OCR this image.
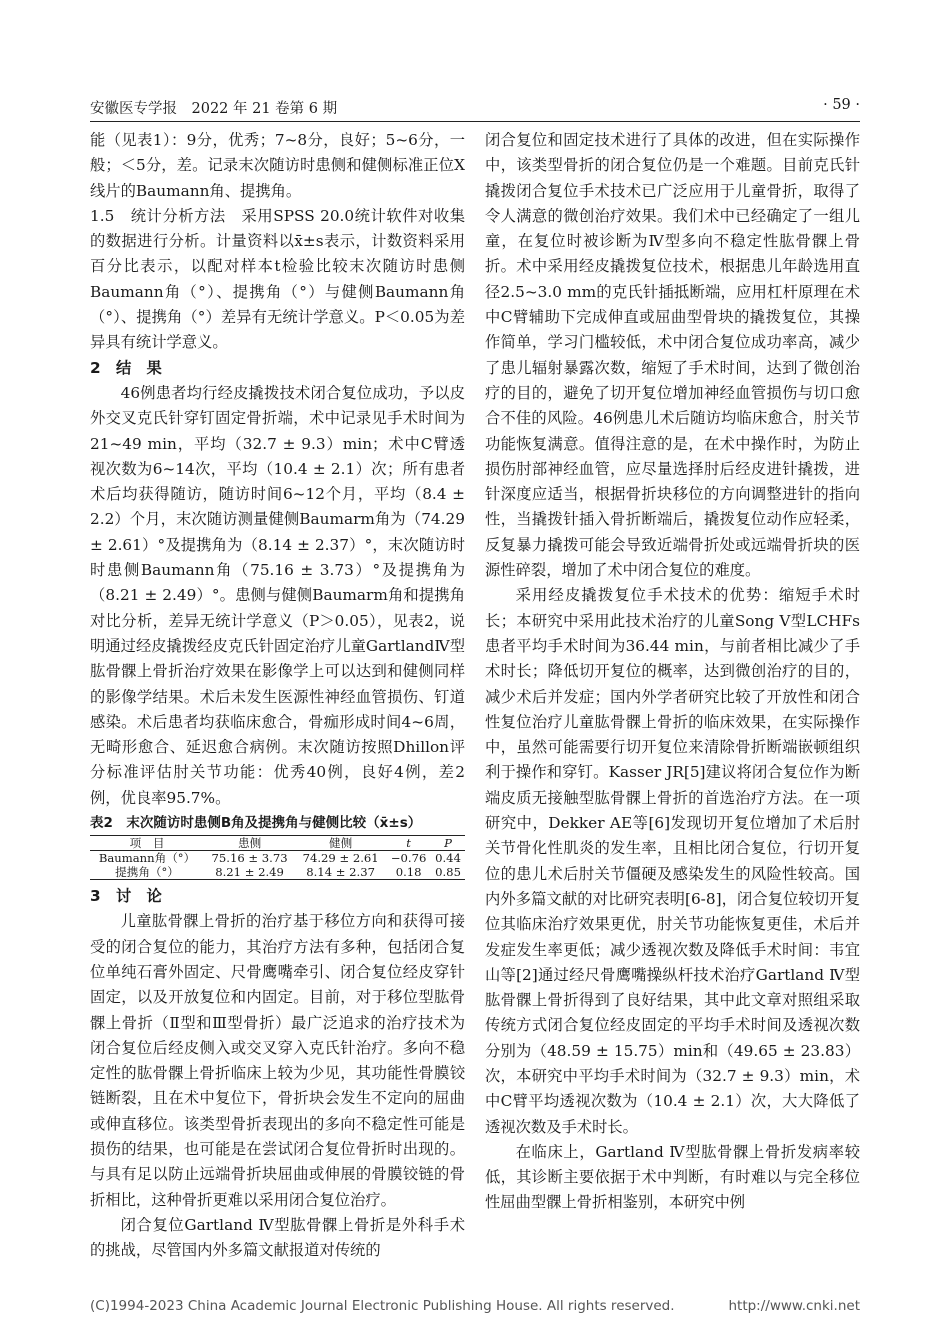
安徽医专学报　2022 年 21 卷第 6 期	· 59 ·

能（见表1）：9分，优秀；7~8分，良好；5~6分，一般；＜5分，差。记录末次随访时患侧和健侧标准正位X线片的Baumann角、提携角。

1.5　统计分析方法　采用SPSS 20.0统计软件对收集的数据进行分析。计量资料以x̄±s表示，计数资料采用百分比表示，以配对样本t检验比较末次随访时患侧Baumann角（°）、提携角（°）与健侧Baumann角（°）、提携角（°）差异有无统计学意义。P＜0.05为差异具有统计学意义。

2　结　果

46例患者均行经皮撬拨技术闭合复位成功，予以皮外交叉克氏针穿钉固定骨折端，术中记录见手术时间为21~49 min，平均（32.7 ± 9.3）min；术中C臂透视次数为6~14次，平均（10.4 ± 2.1）次；所有患者术后均获得随访，随访时间6~12个月，平均（8.4 ± 2.2）个月，末次随访测量健侧Baumarm角为（74.29 ± 2.61）°及提携角为（8.14 ± 2.37）°，末次随访时时患侧Baumann角（75.16 ± 3.73）°及提携角为（8.21 ± 2.49）°。患侧与健侧Baumarm角和提携角对比分析，差异无统计学意义（P＞0.05），见表2，说明通过经皮撬拨经皮克氏针固定治疗儿童GartlandⅣ型肱骨髁上骨折治疗效果在影像学上可以达到和健侧同样的影像学结果。术后未发生医源性神经血管损伤、钉道感染。术后患者均获临床愈合，骨痂形成时间4~6周，无畸形愈合、延迟愈合病例。末次随访按照Dhillon评分标准评估肘关节功能：优秀40例，良好4例，差2例，优良率95.7%。

表2　末次随访时患侧B角及提携角与健侧比较（x̄±s）

项　目	患侧	健侧	t	P
Baumann角（°）	75.16 ± 3.73	74.29 ± 2.61	−0.76	0.44
提携角（°）	8.21 ± 2.49	8.14 ± 2.37	0.18	0.85

3　讨　论

儿童肱骨髁上骨折的治疗基于移位方向和获得可接受的闭合复位的能力，其治疗方法有多种，包括闭合复位单纯石膏外固定、尺骨鹰嘴牵引、闭合复位经皮穿针固定，以及开放复位和内固定。目前，对于移位型肱骨髁上骨折（Ⅱ型和Ⅲ型骨折）最广泛追求的治疗技术为闭合复位后经皮侧入或交叉穿入克氏针治疗。多向不稳定性的肱骨髁上骨折临床上较为少见，其功能性骨膜铰链断裂，且在术中复位下，骨折块会发生不定向的屈曲或伸直移位。该类型骨折表现出的多向不稳定性可能是损伤的结果，也可能是在尝试闭合复位骨折时出现的。与具有足以防止远端骨折块屈曲或伸展的骨膜铰链的骨折相比，这种骨折更难以采用闭合复位治疗。

闭合复位Gartland Ⅳ型肱骨髁上骨折是外科手术的挑战，尽管国内外多篇文献报道对传统的

闭合复位和固定技术进行了具体的改进，但在实际操作中，该类型骨折的闭合复位仍是一个难题。目前克氏针撬拨闭合复位手术技术已广泛应用于儿童骨折，取得了令人满意的微创治疗效果。我们术中已经确定了一组儿童，在复位时被诊断为Ⅳ型多向不稳定性肱骨髁上骨折。术中采用经皮撬拨复位技术，根据患儿年龄选用直径2.5~3.0 mm的克氏针插抵断端，应用杠杆原理在术中C臂辅助下完成伸直或屈曲型骨块的撬拨复位，其操作简单，学习门槛较低，术中闭合复位成功率高，减少了患儿辐射暴露次数，缩短了手术时间，达到了微创治疗的目的，避免了切开复位增加神经血管损伤与切口愈合不佳的风险。46例患儿术后随访均临床愈合，肘关节功能恢复满意。值得注意的是，在术中操作时，为防止损伤肘部神经血管，应尽量选择肘后经皮进针撬拨，进针深度应适当，根据骨折块移位的方向调整进针的指向性，当撬拨针插入骨折断端后，撬拨复位动作应轻柔，反复暴力撬拨可能会导致近端骨折处或远端骨折块的医源性碎裂，增加了术中闭合复位的难度。

采用经皮撬拨复位手术技术的优势：缩短手术时长；本研究中采用此技术治疗的儿童Song Ⅴ型LCHFs患者平均手术时间为36.44 min，与前者相比减少了手术时长；降低切开复位的概率，达到微创治疗的目的，减少术后并发症；国内外学者研究比较了开放性和闭合性复位治疗儿童肱骨髁上骨折的临床效果，在实际操作中，虽然可能需要行切开复位来清除骨折断端嵌顿组织利于操作和穿钉。Kasser JR[5]建议将闭合复位作为断端皮质无接触型肱骨髁上骨折的首选治疗方法。在一项研究中，Dekker AE等[6]发现切开复位增加了术后肘关节骨化性肌炎的发生率，且相比闭合复位，行切开复位的患儿术后肘关节僵硬及感染发生的风险性较高。国内外多篇文献的对比研究表明[6-8]，闭合复位较切开复位其临床治疗效果更优，肘关节功能恢复更佳，术后并发症发生率更低；减少透视次数及降低手术时间：韦宜山等[2]通过经尺骨鹰嘴操纵杆技术治疗Gartland Ⅳ型肱骨髁上骨折得到了良好结果，其中此文章对照组采取传统方式闭合复位经皮固定的平均手术时间及透视次数分别为（48.59 ± 15.75）min和（49.65 ± 23.83）次，本研究中平均手术时间为（32.7 ± 9.3）min，术中C臂平均透视次数为（10.4 ± 2.1）次，大大降低了透视次数及手术时长。

在临床上，Gartland Ⅳ型肱骨髁上骨折发病率较低，其诊断主要依据于术中判断，有时难以与完全移位性屈曲型髁上骨折相鉴别，本研究中例

(C)1994-2023 China Academic Journal Electronic Publishing House. All rights reserved.	http://www.cnki.net
